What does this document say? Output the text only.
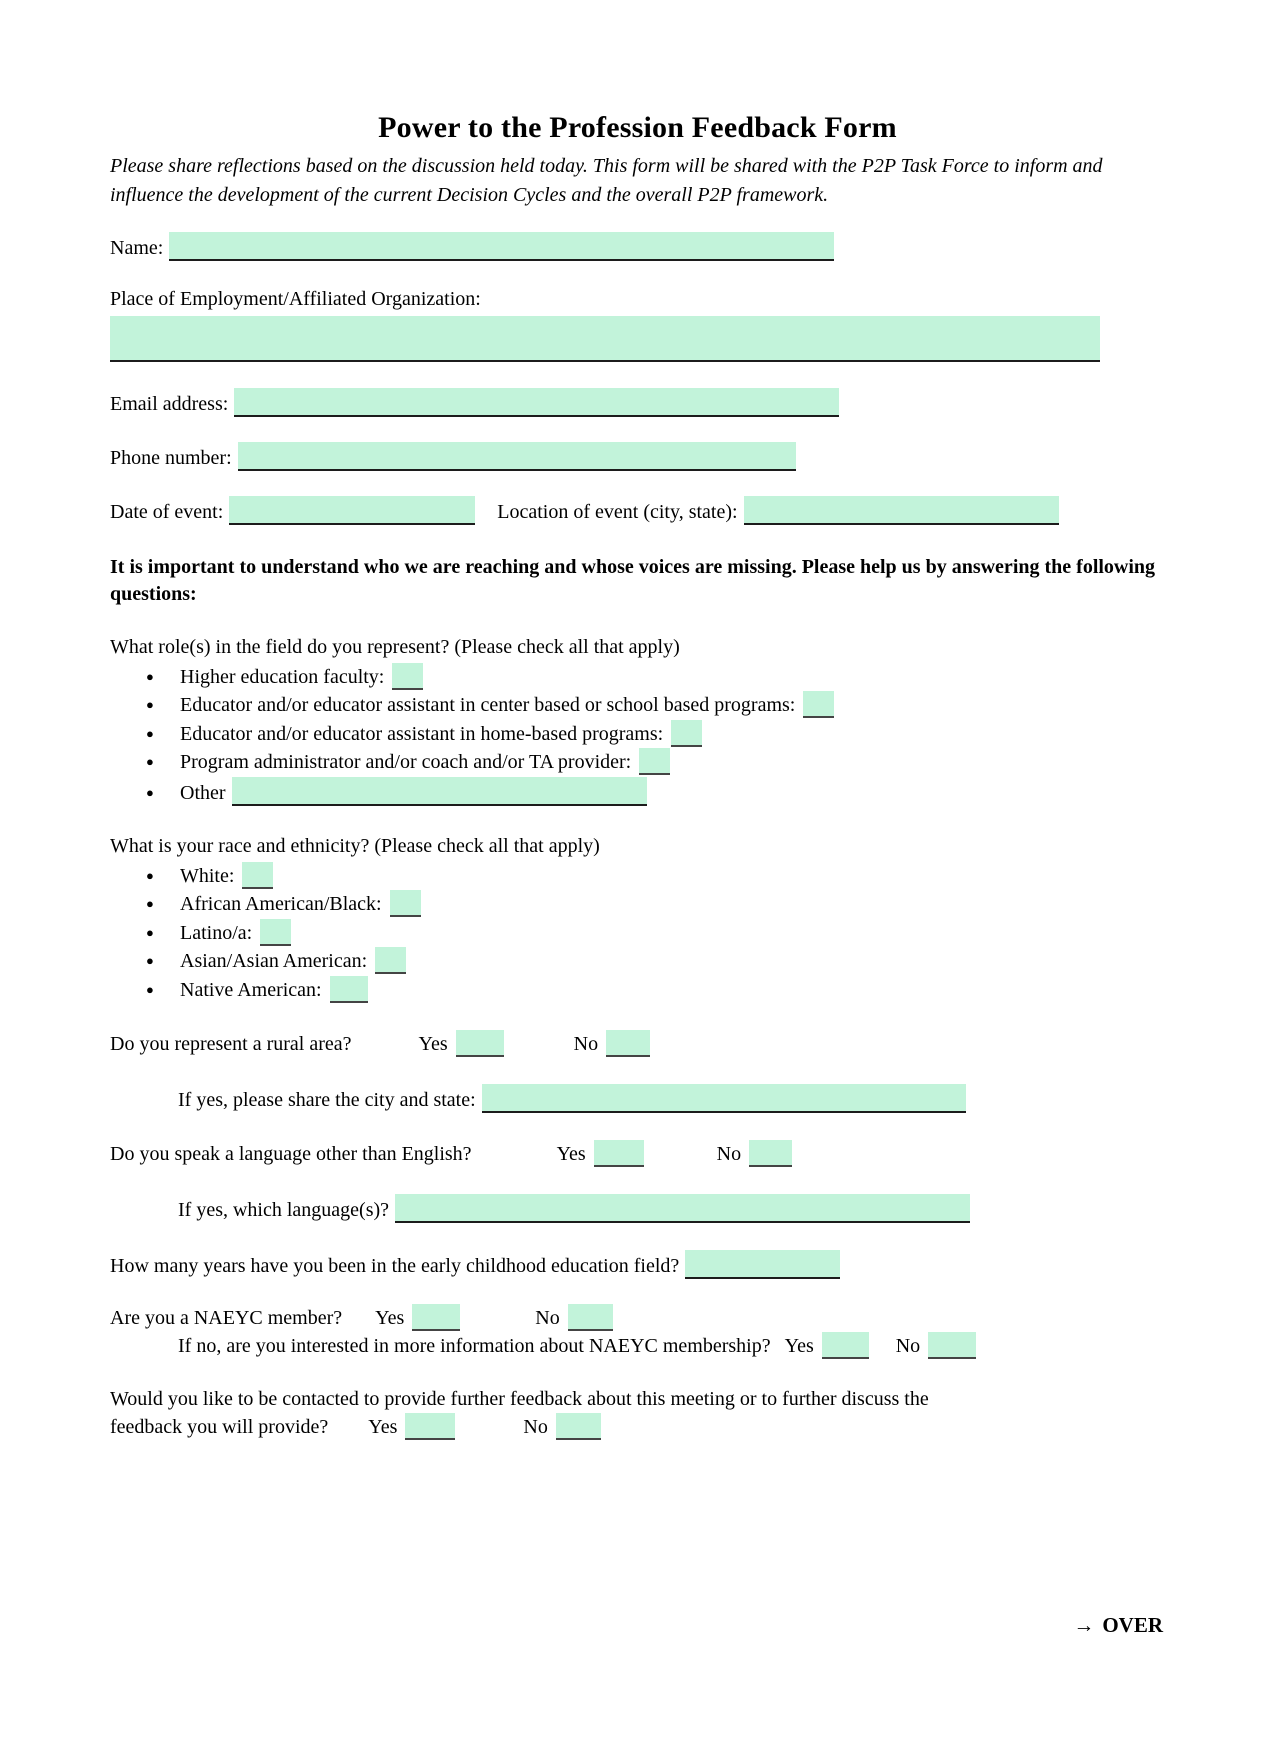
Power to the Profession Feedback Form

Please share reflections based on the discussion held today. This form will be shared with the P2P Task Force to inform and influence the development of the current Decision Cycles and the overall P2P framework.

Name:
Place of Employment/Affiliated Organization:
Email address:
Phone number:
Date of event:	Location of event (city, state):

It is important to understand who we are reaching and whose voices are missing. Please help us by answering the following questions:

What role(s) in the field do you represent? (Please check all that apply)
● Higher education faculty:
● Educator and/or educator assistant in center based or school based programs:
● Educator and/or educator assistant in home-based programs:
● Program administrator and/or coach and/or TA provider:
● Other
What is your race and ethnicity? (Please check all that apply)
● White:
● African American/Black:
● Latino/a:
● Asian/Asian American:
● Native American:
Do you represent a rural area?	Yes	No
If yes, please share the city and state:
Do you speak a language other than English?	Yes	No
If yes, which language(s)?
How many years have you been in the early childhood education field?
Are you a NAEYC member? Yes	No
If no, are you interested in more information about NAEYC membership? Yes	No
Would you like to be contacted to provide further feedback about this meeting or to further discuss the
feedback you will provide? Yes	No
→ OVER
